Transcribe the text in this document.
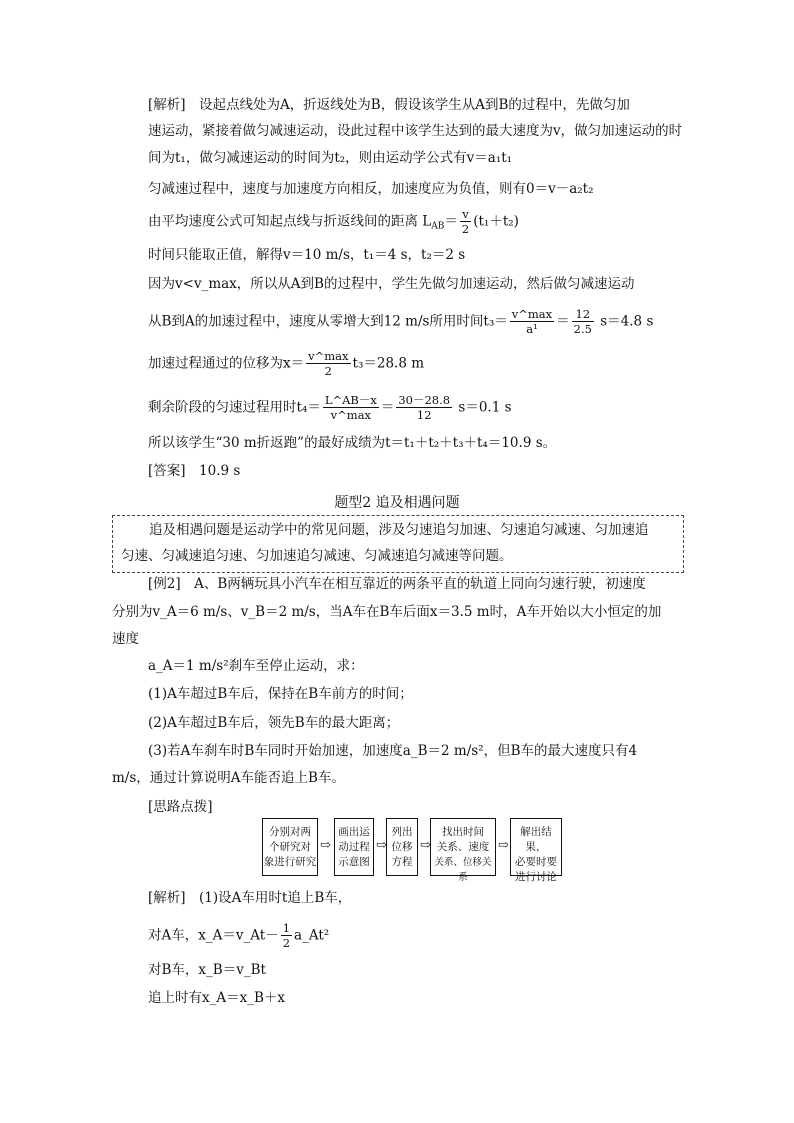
[解析]　设起点线处为A，折返线处为B，假设该学生从A到B的过程中，先做匀加
速运动，紧接着做匀减速运动，设此过程中该学生达到的最大速度为v，做匀加速运动的时
间为t₁，做匀减速运动的时间为t₂，则由运动学公式有v＝a₁t₁
匀减速过程中，速度与加速度方向相反，加速度应为负值，则有0＝v－a₂t₂
由平均速度公式可知起点线与折返线间的距离 $L_{AB}= \frac{v}{2} (t_1+t_2)$
时间只能取正值，解得v＝10 m/s，t₁＝4 s，t₂＝2 s
因为v<v_max，所以从A到B的过程中，学生先做匀加速运动，然后做匀减速运动
从B到A的加速过程中，速度从零增大到12 m/s所用时间$t_3= \frac{v\^{}\max}{\text{a¹}} = \frac{12}{2.5} s=4.8$ s
加速过程通过的位移为$x= \frac{v\^{}\max}{2} t_3=28.8$ m
剩余阶段的匀速过程用时$t_4= \frac{L\^{}AB-x}{v\^{}\max} = \frac{30-28.8}{12} s=0.1$ s
所以该学生“30 m折返跑”的最好成绩为t＝t₁＋t₂＋t₃＋t₄＝10.9 s。
[答案]　10.9 s
题型2 追及相遇问题
追及相遇问题是运动学中的常见问题，涉及匀速追匀加速、匀速追匀减速、匀加速追
匀速、匀减速追匀速、匀加速追匀减速、匀减速追匀减速等问题。
[例2]　A、B两辆玩具小汽车在相互靠近的两条平直的轨道上同向匀速行驶，初速度
分别为v_A＝6 m/s、v_B＝2 m/s，当A车在B车后面x＝3.5 m时，A车开始以大小恒定的加
速度
a_A＝1 m/s²刹车至停止运动，求：
(1)A车超过B车后，保持在B车前方的时间；
(2)A车超过B车后，领先B车的最大距离；
(3)若A车刹车时B车同时开始加速，加速度a_B＝2 m/s²，但B车的最大速度只有4
m/s，通过计算说明A车能否追上B车。
[思路点拨]
分别对两
个研究对
象进行研究
⇨
画出运
动过程
示意图
⇨
列出
位移
方程
⇨
找出时间
关系、速度
关系、位移关系
⇨
解出结果，
必要时要
进行讨论
[解析]　(1)设A车用时t追上B车，
对A车，x_A＝v_At－ $\frac{1}{2}$ a_At²
对B车，x_B＝v_Bt
追上时有x_A＝x_B＋x
